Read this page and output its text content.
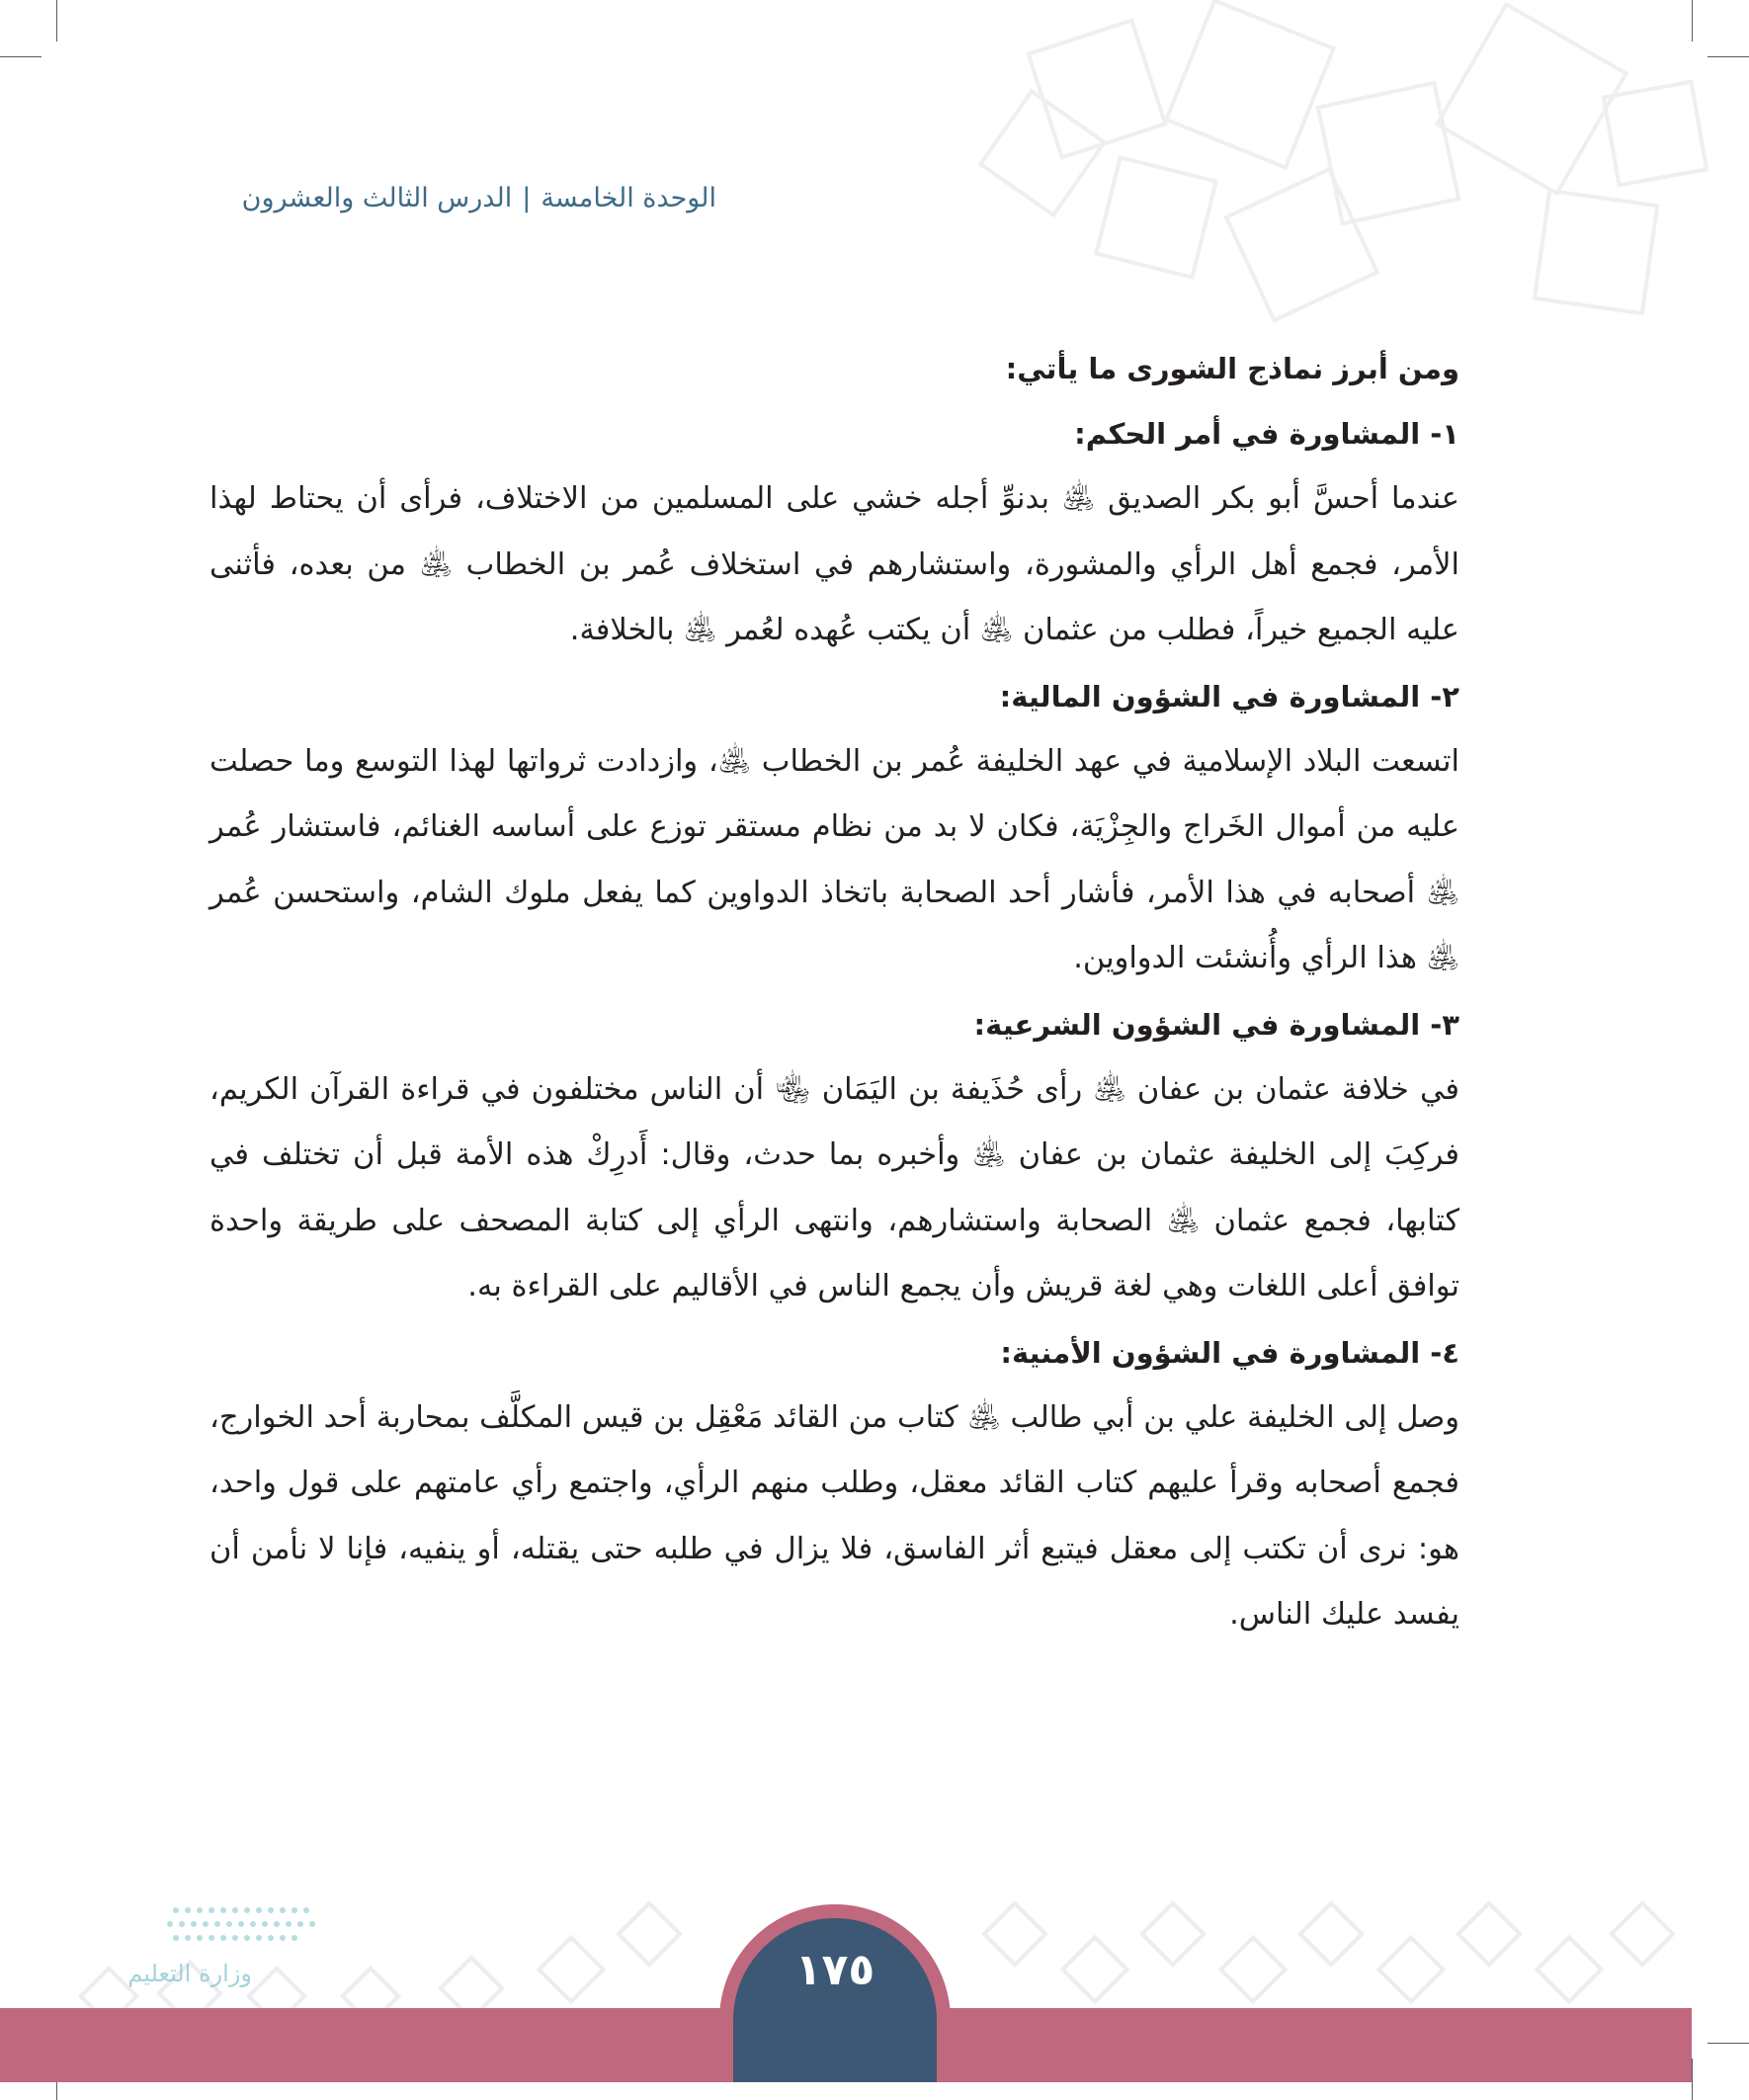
الوحدة الخامسة|الدرس الثالث والعشرون

ومن أبرز نماذج الشورى ما يأتي:

١- المشاورة في أمر الحكم:

عندما أحسَّ أبو بكر الصديق ﵁ بدنوِّ أجله خشي على المسلمين من الاختلاف، فرأى أن يحتاط لهذا الأمر، فجمع أهل الرأي والمشورة، واستشارهم في استخلاف عُمر بن الخطاب ﵁ من بعده، فأثنى عليه الجميع خيراً، فطلب من عثمان ﵁ أن يكتب عُهده لعُمر ﵁ بالخلافة.

٢- المشاورة في الشؤون المالية:

اتسعت البلاد الإسلامية في عهد الخليفة عُمر بن الخطاب ﵁، وازدادت ثرواتها لهذا التوسع وما حصلت عليه من أموال الخَراج والجِزْيَة، فكان لا بد من نظام مستقر توزع على أساسه الغنائم، فاستشار عُمر ﵁ أصحابه في هذا الأمر، فأشار أحد الصحابة باتخاذ الدواوين كما يفعل ملوك الشام، واستحسن عُمر ﵁ هذا الرأي وأُنشئت الدواوين.

٣- المشاورة في الشؤون الشرعية:

في خلافة عثمان بن عفان ﵁ رأى حُذَيفة بن اليَمَان ﵄ أن الناس مختلفون في قراءة القرآن الكريم، فركِبَ إلى الخليفة عثمان بن عفان ﵁ وأخبره بما حدث، وقال: أَدرِكْ هذه الأمة قبل أن تختلف في كتابها، فجمع عثمان ﵁ الصحابة واستشارهم، وانتهى الرأي إلى كتابة المصحف على طريقة واحدة توافق أعلى اللغات وهي لغة قريش وأن يجمع الناس في الأقاليم على القراءة به.

٤- المشاورة في الشؤون الأمنية:

وصل إلى الخليفة علي بن أبي طالب ﵁ كتاب من القائد مَعْقِل بن قيس المكلَّف بمحاربة أحد الخوارج، فجمع أصحابه وقرأ عليهم كتاب القائد معقل، وطلب منهم الرأي، واجتمع رأي عامتهم على قول واحد، هو: نرى أن تكتب إلى معقل فيتبع أثر الفاسق، فلا يزال في طلبه حتى يقتله، أو ينفيه، فإنا لا نأمن أن يفسد عليك الناس.

وزارة التعليم	١٧٥
